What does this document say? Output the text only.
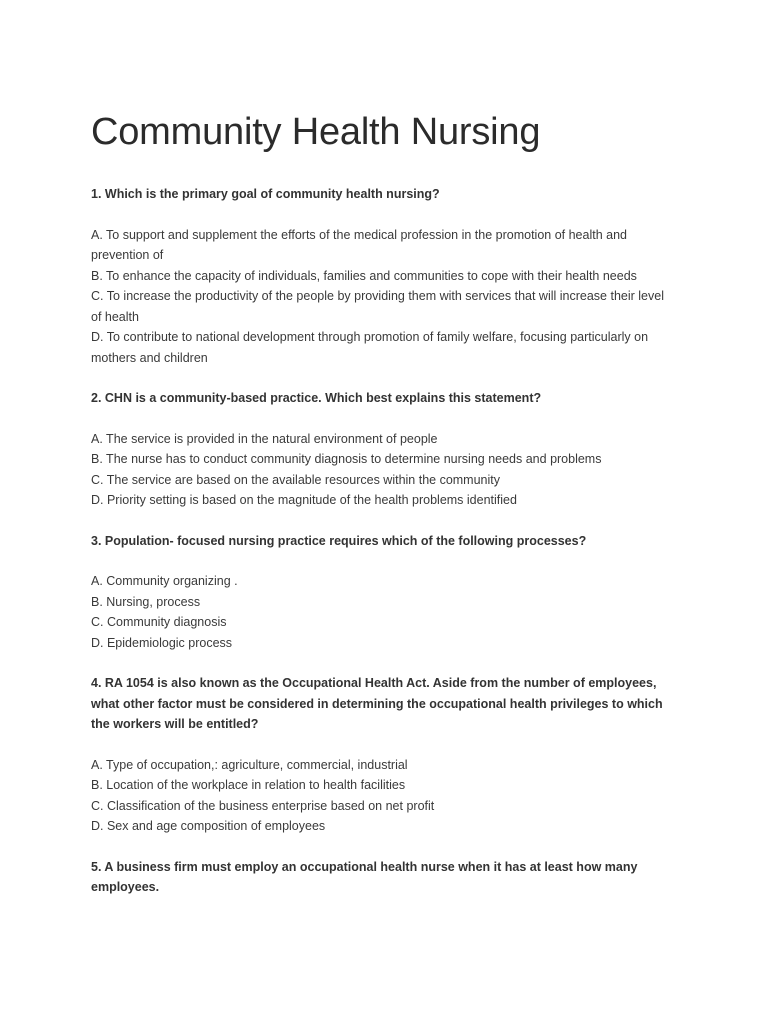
Community Health Nursing

1. Which is the primary goal of community health nursing?

A. To support and supplement the efforts of the medical profession in the promotion of health and prevention of
B. To enhance the capacity of individuals, families and communities to cope with their health needs
C. To increase the productivity of the people by providing them with services that will increase their level of health
D. To contribute to national development through promotion of family welfare, focusing particularly on mothers and children

2. CHN is a community-based practice. Which best explains this statement?

A. The service is provided in the natural environment of people
B. The nurse has to conduct community diagnosis to determine nursing needs and problems
C. The service are based on the available resources within the community
D. Priority setting is based on the magnitude of the health problems identified

3. Population- focused nursing practice requires which of the following processes?

A. Community organizing .
B. Nursing, process
C. Community diagnosis
D. Epidemiologic process

4. RA 1054 is also known as the Occupational Health Act. Aside from the number of employees, what other factor must be considered in determining the occupational health privileges to which the workers will be entitled?

A. Type of occupation,: agriculture, commercial, industrial
B. Location of the workplace in relation to health facilities
C. Classification of the business enterprise based on net profit
D. Sex and age composition of employees

5. A business firm must employ an occupational health nurse when it has at least how many employees.
